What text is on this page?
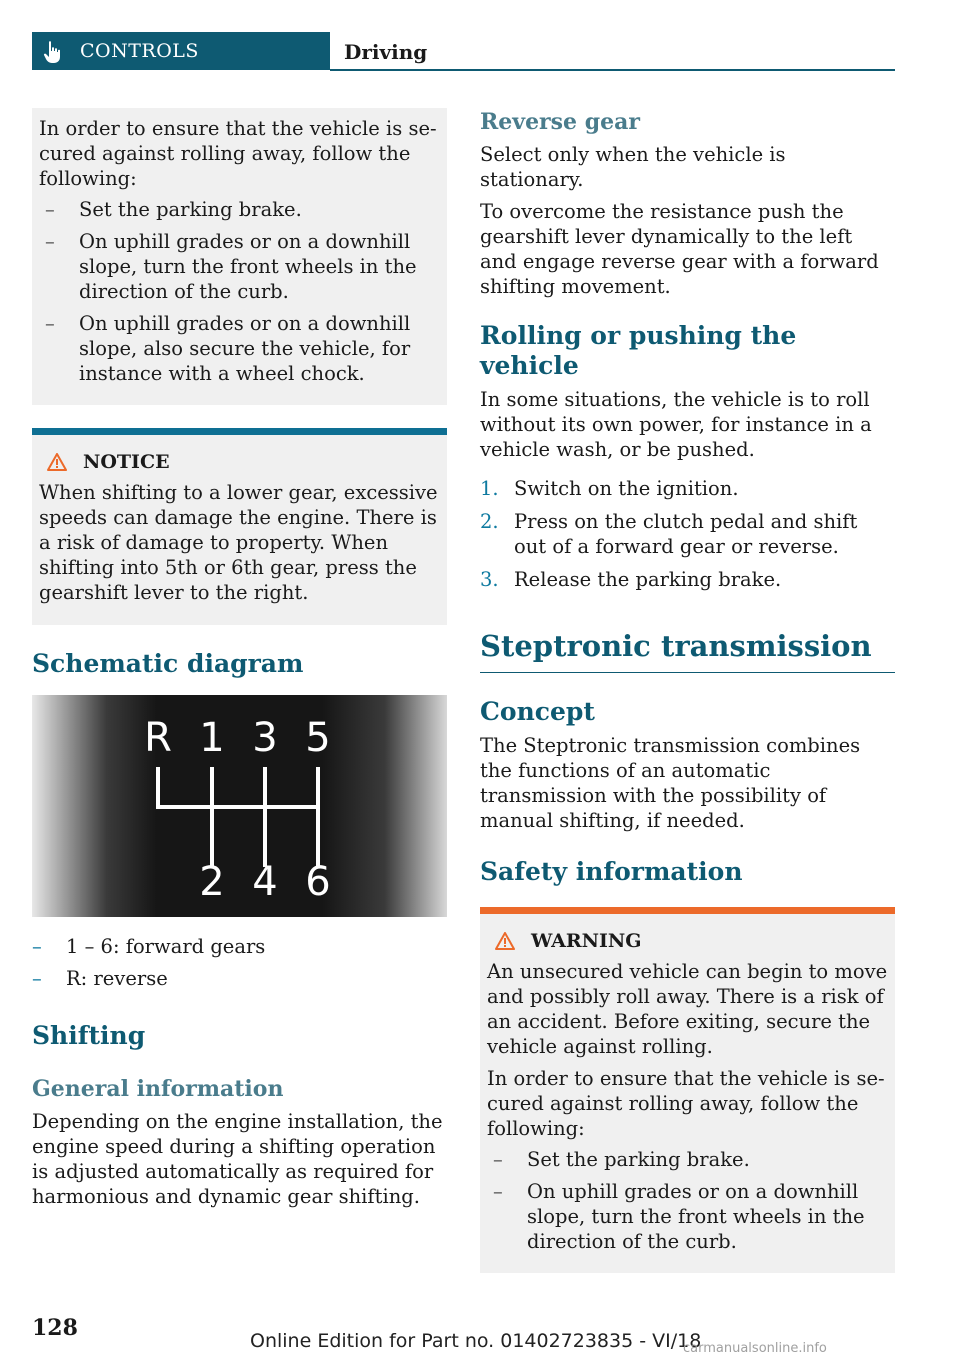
CONTROLS	Driving

In order to ensure that the vehicle is secured against rolling away, follow the following:

– Set the parking brake.
– On uphill grades or on a downhill slope, turn the front wheels in the direction of the curb.
– On uphill grades or on a downhill slope, also secure the vehicle, for instance with a wheel chock.
NOTICE

When shifting to a lower gear, excessive speeds can damage the engine. There is a risk of damage to property. When shifting into 5th or 6th gear, press the gearshift lever to the right.

Schematic diagram
R 1 3 5
2 4 6
– 1 – 6: forward gears
– R: reverse
Shifting
General information

Depending on the engine installation, the engine speed during a shifting operation is adjusted automatically as required for harmonious and dynamic gear shifting.

Reverse gear

Select only when the vehicle is stationary.

To overcome the resistance push the gearshift lever dynamically to the left and engage reverse gear with a forward shifting movement.

Rolling or pushing the vehicle

In some situations, the vehicle is to roll without its own power, for instance in a vehicle wash, or be pushed.

1. Switch on the ignition.
2. Press on the clutch pedal and shift out of a forward gear or reverse.
3. Release the parking brake.
Steptronic transmission
Concept

The Steptronic transmission combines the functions of an automatic transmission with the possibility of manual shifting, if needed.

Safety information
WARNING

An unsecured vehicle can begin to move and possibly roll away. There is a risk of an accident. Before exiting, secure the vehicle against rolling.

In order to ensure that the vehicle is secured against rolling away, follow the following:

– Set the parking brake.
– On uphill grades or on a downhill slope, turn the front wheels in the direction of the curb.
128	Online Edition for Part no. 01402723835 - VI/18
carmanualsonline.info
